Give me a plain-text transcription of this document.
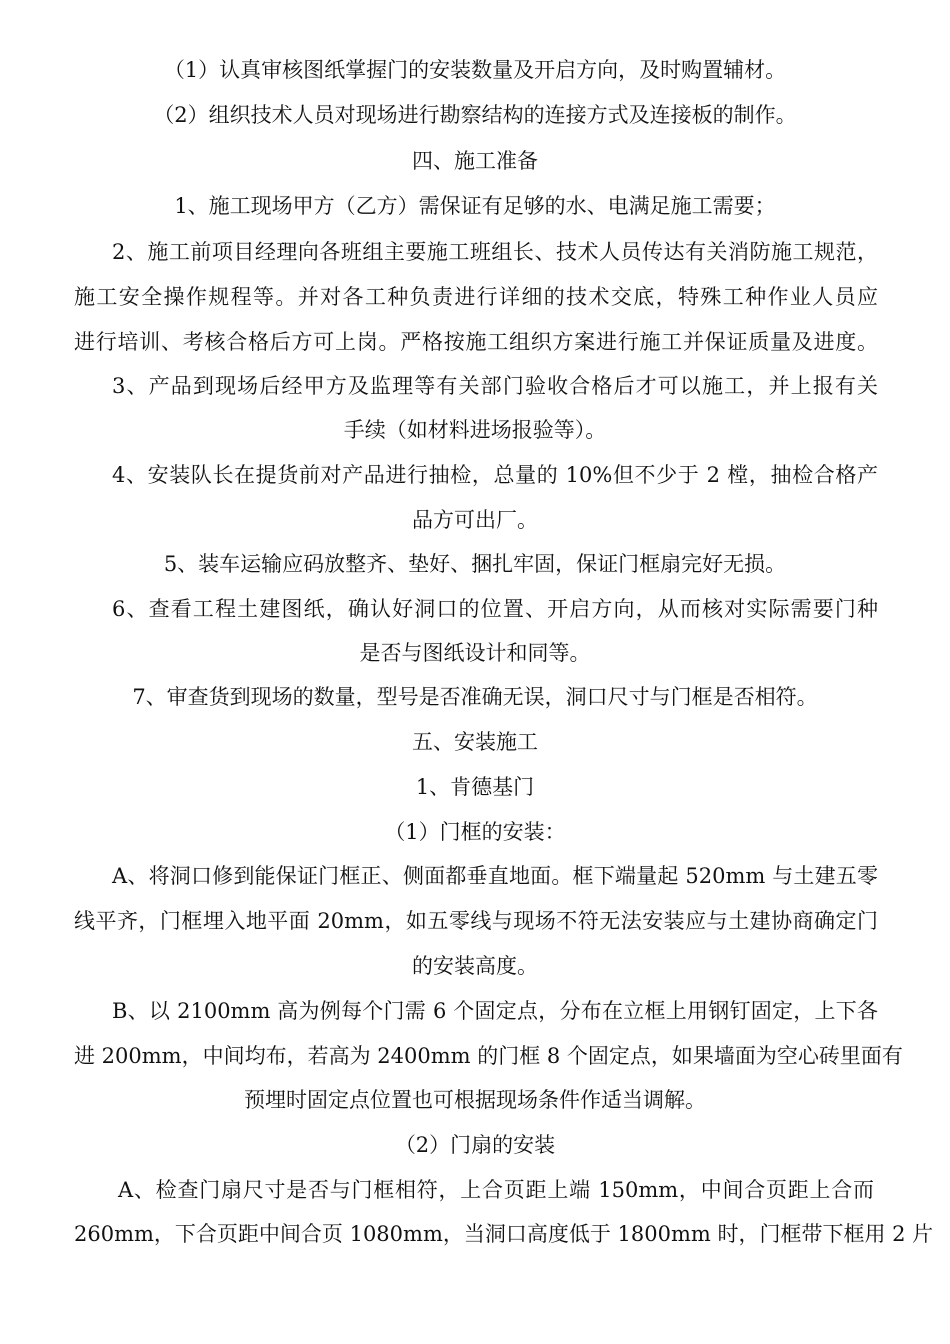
（1）认真审核图纸掌握门的安装数量及开启方向，及时购置辅材。
（2）组织技术人员对现场进行勘察结构的连接方式及连接板的制作。
四、施工准备
1、施工现场甲方（乙方）需保证有足够的水、电满足施工需要；
2、施工前项目经理向各班组主要施工班组长、技术人员传达有关消防施工规范，
施工安全操作规程等。并对各工种负责进行详细的技术交底，特殊工种作业人员应
进行培训、考核合格后方可上岗。严格按施工组织方案进行施工并保证质量及进度。
3、产品到现场后经甲方及监理等有关部门验收合格后才可以施工，并上报有关
手续（如材料进场报验等）。
4、安装队长在提货前对产品进行抽检，总量的 10%但不少于 2 樘，抽检合格产
品方可出厂。
5、装车运输应码放整齐、垫好、捆扎牢固，保证门框扇完好无损。
6、查看工程土建图纸，确认好洞口的位置、开启方向，从而核对实际需要门种
是否与图纸设计和同等。
7、审查货到现场的数量，型号是否准确无误，洞口尺寸与门框是否相符。
五、安装施工
1、肯德基门
（1）门框的安装：
A、将洞口修到能保证门框正、侧面都垂直地面。框下端量起 520mm 与土建五零
线平齐，门框埋入地平面 20mm，如五零线与现场不符无法安装应与土建协商确定门
的安装高度。
B、以 2100mm 高为例每个门需 6 个固定点，分布在立框上用钢钉固定，上下各
进 200mm，中间均布，若高为 2400mm 的门框 8 个固定点，如果墙面为空心砖里面有
预埋时固定点位置也可根据现场条件作适当调解。
（2）门扇的安装
A、检查门扇尺寸是否与门框相符，上合页距上端 150mm，中间合页距上合而
260mm，下合页距中间合页 1080mm，当洞口高度低于 1800mm 时，门框带下框用 2 片
